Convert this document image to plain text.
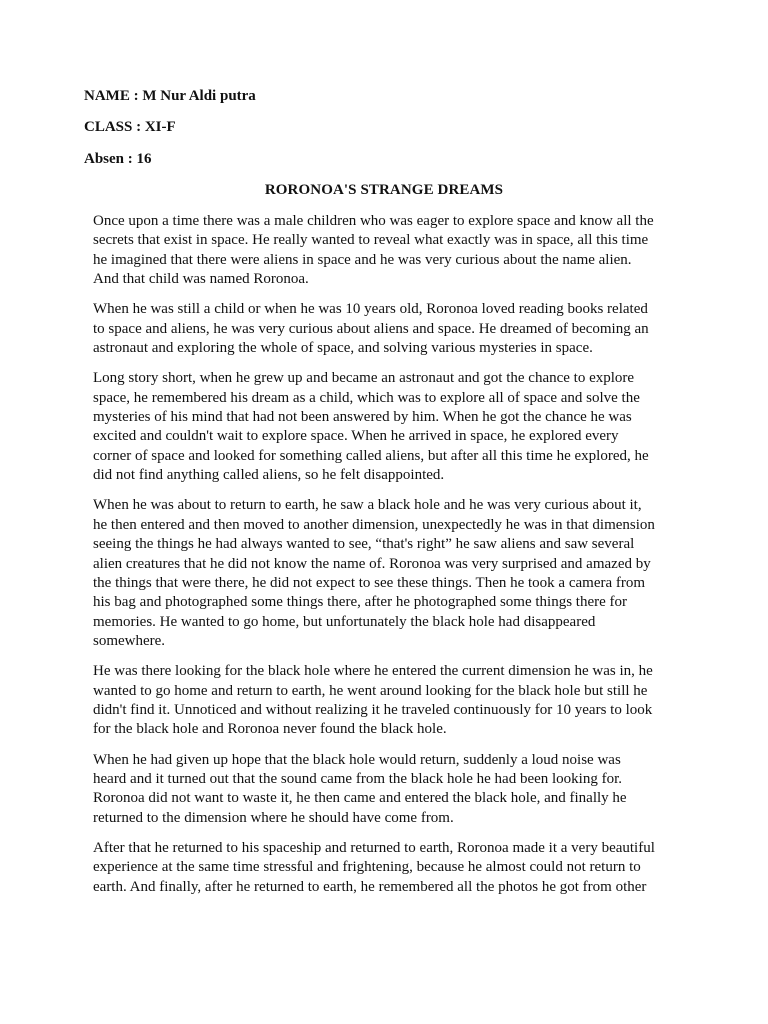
NAME : M Nur Aldi putra
CLASS : XI-F
Absen : 16
RORONOA'S STRANGE DREAMS
Once upon a time there was a male children who was eager to explore space and know all the
secrets that exist in space. He really wanted to reveal what exactly was in space, all this time
he imagined that there were aliens in space and he was very curious about the name alien.
And that child was named Roronoa.
When he was still a child or when he was 10 years old, Roronoa loved reading books related
to space and aliens, he was very curious about aliens and space. He dreamed of becoming an
astronaut and exploring the whole of space, and solving various mysteries in space.
Long story short, when he grew up and became an astronaut and got the chance to explore
space, he remembered his dream as a child, which was to explore all of space and solve the
mysteries of his mind that had not been answered by him. When he got the chance he was
excited and couldn't wait to explore space. When he arrived in space, he explored every
corner of space and looked for something called aliens, but after all this time he explored, he
did not find anything called aliens, so he felt disappointed.
When he was about to return to earth, he saw a black hole and he was very curious about it,
he then entered and then moved to another dimension, unexpectedly he was in that dimension
seeing the things he had always wanted to see, “that's right” he saw aliens and saw several
alien creatures that he did not know the name of. Roronoa was very surprised and amazed by
the things that were there, he did not expect to see these things. Then he took a camera from
his bag and photographed some things there, after he photographed some things there for
memories. He wanted to go home, but unfortunately the black hole had disappeared
somewhere.
He was there looking for the black hole where he entered the current dimension he was in, he
wanted to go home and return to earth, he went around looking for the black hole but still he
didn't find it. Unnoticed and without realizing it he traveled continuously for 10 years to look
for the black hole and Roronoa never found the black hole.
When he had given up hope that the black hole would return, suddenly a loud noise was
heard and it turned out that the sound came from the black hole he had been looking for.
Roronoa did not want to waste it, he then came and entered the black hole, and finally he
returned to the dimension where he should have come from.
After that he returned to his spaceship and returned to earth, Roronoa made it a very beautiful
experience at the same time stressful and frightening, because he almost could not return to
earth. And finally, after he returned to earth, he remembered all the photos he got from other
